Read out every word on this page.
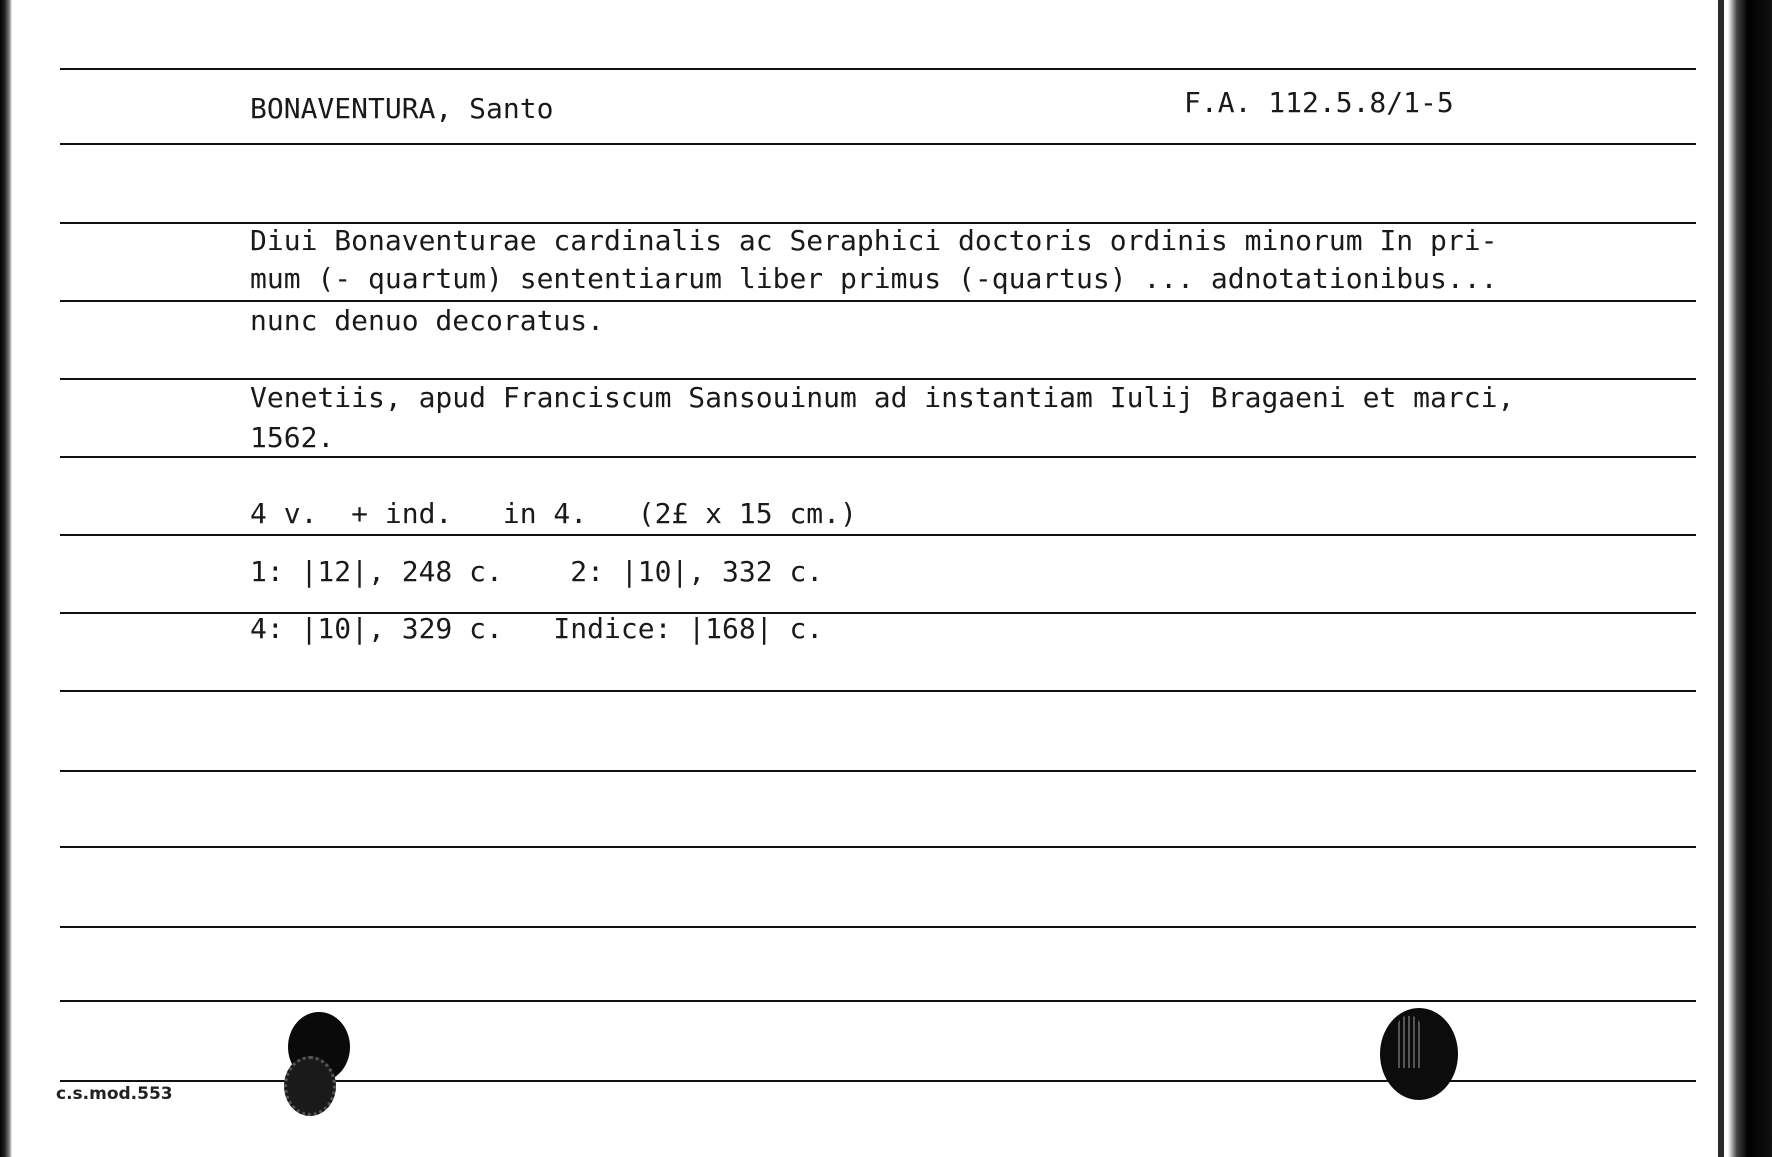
BONAVENTURA, Santo	F.A. 112.5.8/1-5
Diui Bonaventurae cardinalis ac Seraphici doctoris ordinis minorum In pri-
mum (- quartum) sententiarum liber primus (-quartus) ... adnotationibus...
nunc denuo decoratus.
Venetiis, apud Franciscum Sansouinum ad instantiam Iulij Bragaeni et marci,
1562.
4 v.  + ind.   in 4.   (2£ x 15 cm.)
1: |12|, 248 c.    2: |10|, 332 c.
4: |10|, 329 c.   Indice: |168| c.
c.s.mod.553
